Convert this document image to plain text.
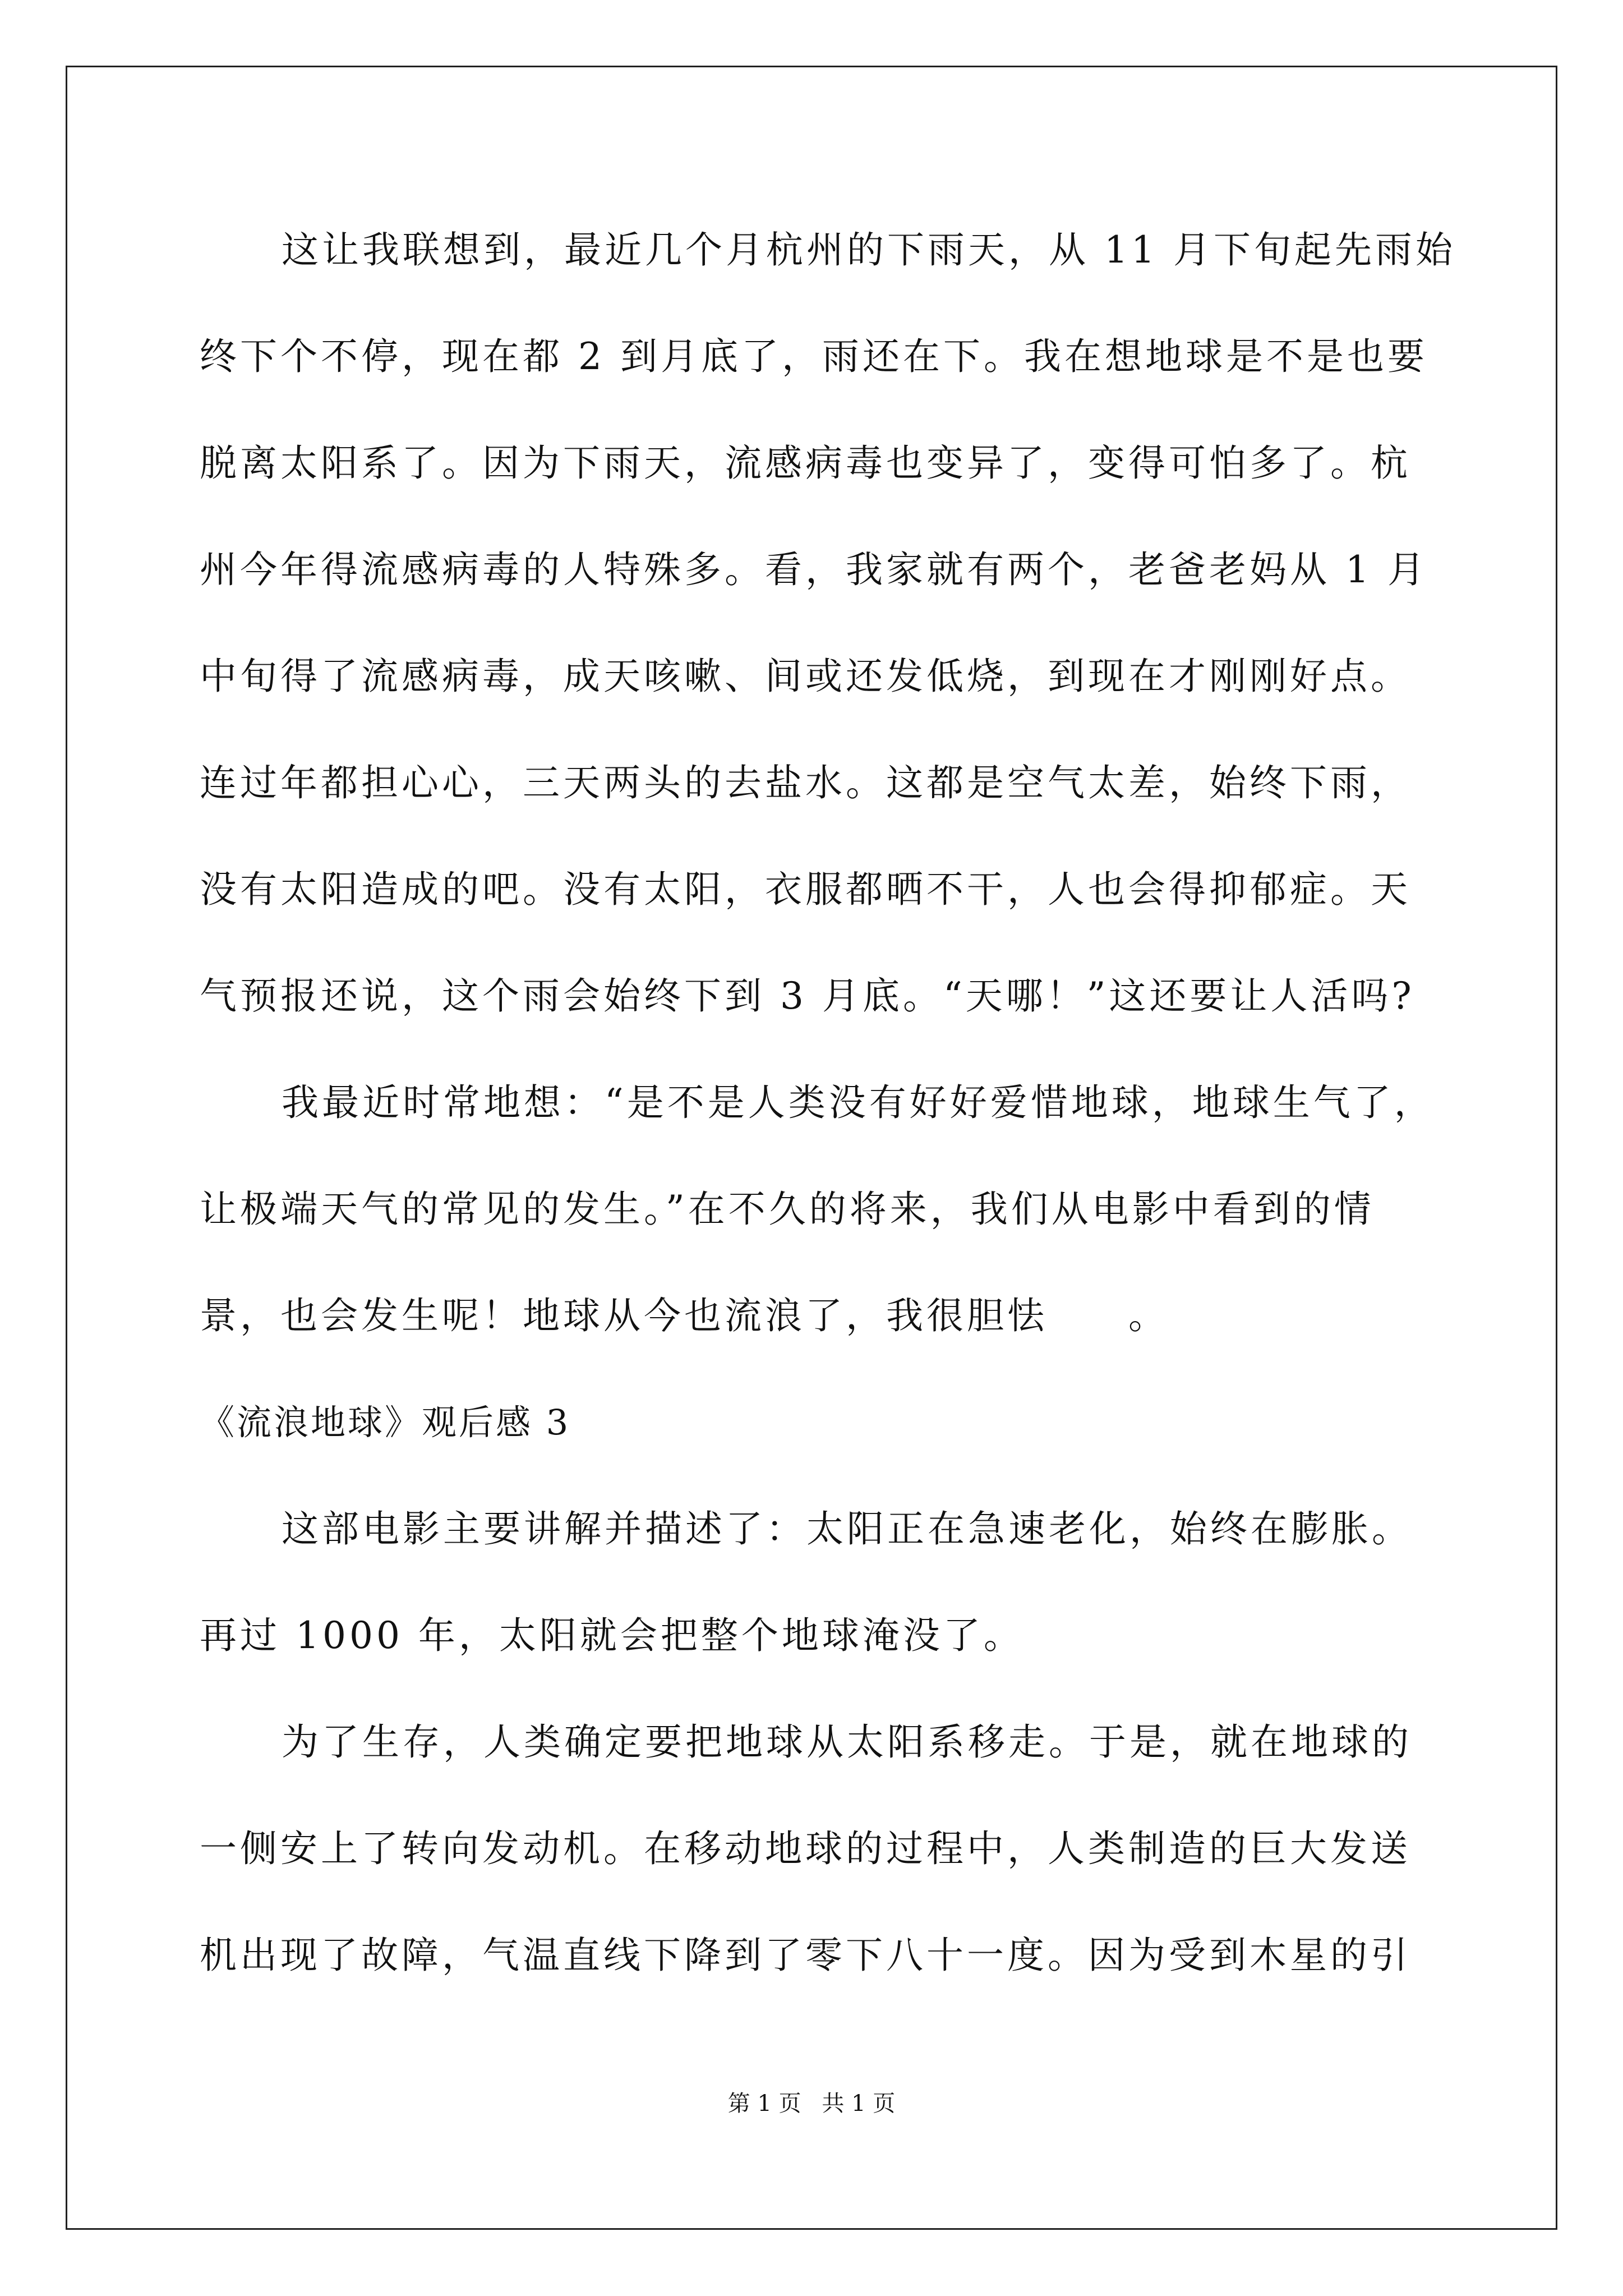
这让我联想到，最近几个月杭州的下雨天，从 11 月下旬起先雨始
终下个不停，现在都 2 到月底了，雨还在下。我在想地球是不是也要
脱离太阳系了。因为下雨天，流感病毒也变异了，变得可怕多了。杭
州今年得流感病毒的人特殊多。看，我家就有两个，老爸老妈从 1 月
中旬得了流感病毒，成天咳嗽、间或还发低烧，到现在才刚刚好点。
连过年都担心心，三天两头的去盐水。这都是空气太差，始终下雨，
没有太阳造成的吧。没有太阳，衣服都晒不干，人也会得抑郁症。天
气预报还说，这个雨会始终下到 3 月底。“天哪！”这还要让人活吗?
我最近时常地想：“是不是人类没有好好爱惜地球，地球生气了，
让极端天气的常见的发生。”在不久的将来，我们从电影中看到的情
景，也会发生呢！地球从今也流浪了，我很胆怯　　。
《流浪地球》观后感 3
这部电影主要讲解并描述了：太阳正在急速老化，始终在膨胀。
再过 1000 年，太阳就会把整个地球淹没了。
为了生存，人类确定要把地球从太阳系移走。于是，就在地球的
一侧安上了转向发动机。在移动地球的过程中，人类制造的巨大发送
机出现了故障，气温直线下降到了零下八十一度。因为受到木星的引
第 1 页 共 1 页
